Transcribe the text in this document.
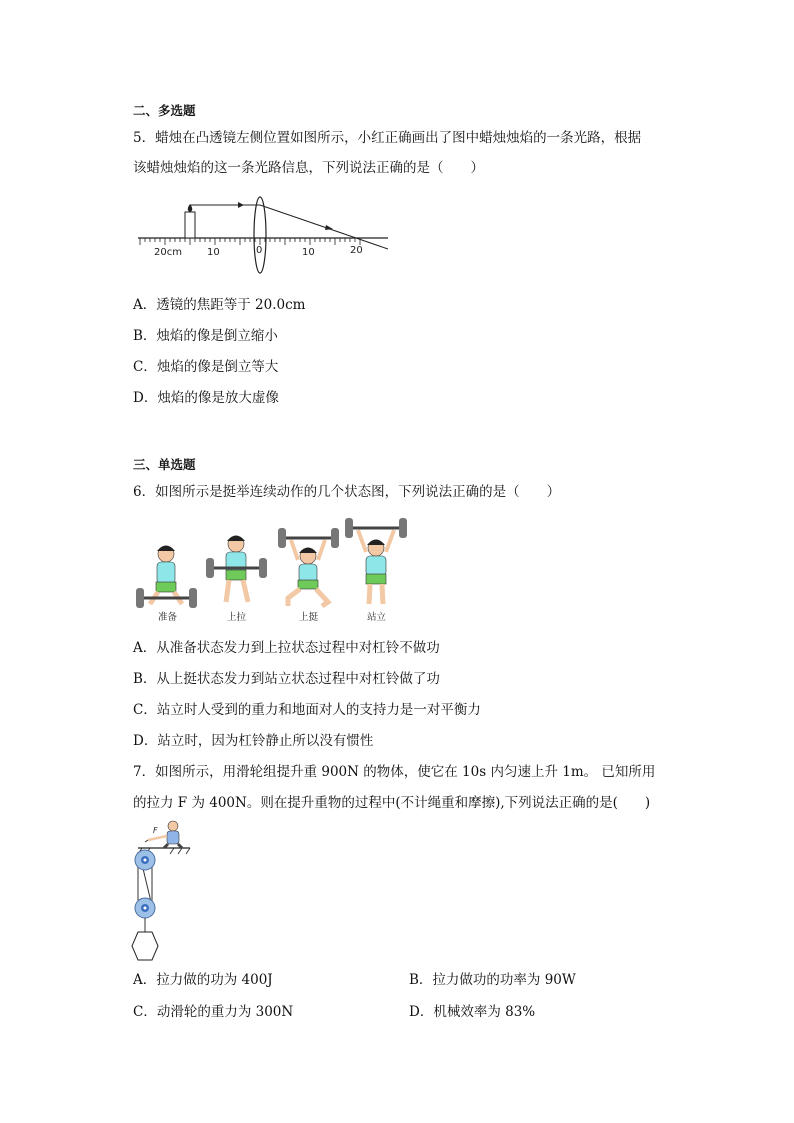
二、多选题
5．蜡烛在凸透镜左侧位置如图所示，小红正确画出了图中蜡烛烛焰的一条光路，根据
该蜡烛烛焰的这一条光路信息，下列说法正确的是（　　）
20cm	10	0	10	20
A．透镜的焦距等于 20.0cm
B．烛焰的像是倒立缩小
C．烛焰的像是倒立等大
D．烛焰的像是放大虚像
三、单选题
6．如图所示是挺举连续动作的几个状态图，下列说法正确的是（　　）
准备	上拉	上挺	站立
A．从准备状态发力到上拉状态过程中对杠铃不做功
B．从上挺状态发力到站立状态过程中对杠铃做了功
C．站立时人受到的重力和地面对人的支持力是一对平衡力
D．站立时，因为杠铃静止所以没有惯性
7．如图所示，用滑轮组提升重 900N 的物体，使它在 10s 内匀速上升 1m。 已知所用
的拉力 F 为 400N。则在提升重物的过程中(不计绳重和摩擦),下列说法正确的是(　　)
F
A．拉力做的功为 400J	B．拉力做功的功率为 90W
C．动滑轮的重力为 300N	D．机械效率为 83%
